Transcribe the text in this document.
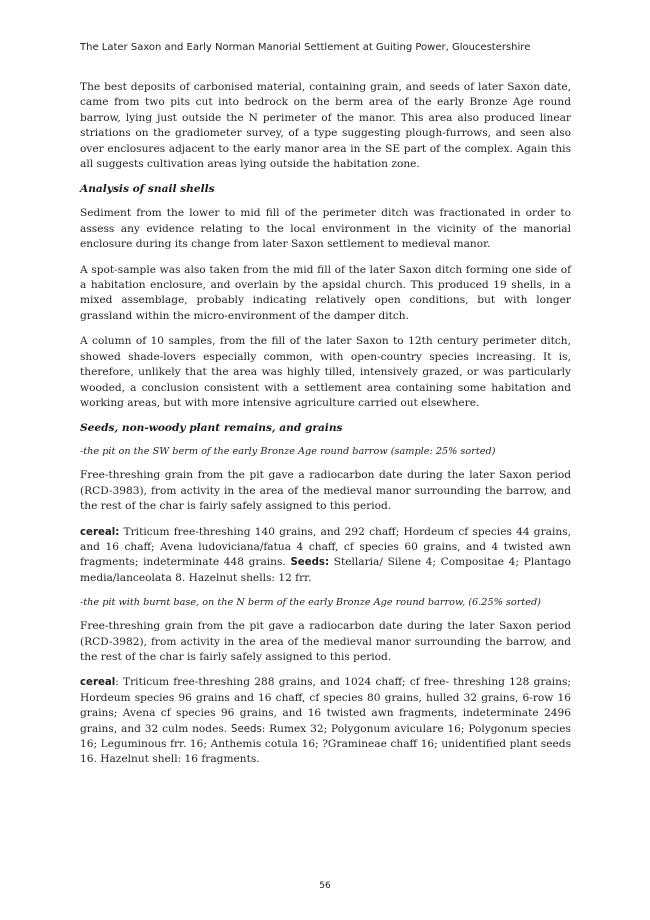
The Later Saxon and Early Norman Manorial Settlement at Guiting Power, Gloucestershire

The best deposits of carbonised material, containing grain, and seeds of later Saxon date, came from two pits cut into bedrock on the berm area of the early Bronze Age round barrow, lying just outside the N perimeter of the manor. This area also produced linear striations on the gradiometer survey, of a type suggesting plough-furrows, and seen also over enclosures adjacent to the early manor area in the SE part of the complex. Again this all suggests cultivation areas lying outside the habitation zone.

Analysis of snail shells

Sediment from the lower to mid fill of the perimeter ditch was fractionated in order to assess any evidence relating to the local environment in the vicinity of the manorial enclosure during its change from later Saxon settlement to medieval manor.

A spot-sample was also taken from the mid fill of the later Saxon ditch forming one side of a habitation enclosure, and overlain by the apsidal church. This produced 19 shells, in a mixed assemblage, probably indicating relatively open conditions, but with longer grassland within the micro-environment of the damper ditch.

A column of 10 samples, from the fill of the later Saxon to 12th century perimeter ditch, showed shade-lovers especially common, with open-country species increasing. It is, therefore, unlikely that the area was highly tilled, intensively grazed, or was particularly wooded, a conclusion consistent with a settlement area containing some habitation and working areas, but with more intensive agriculture carried out elsewhere.

Seeds, non-woody plant remains, and grains

-the pit on the SW berm of the early Bronze Age round barrow (sample: 25% sorted)

Free-threshing grain from the pit gave a radiocarbon date during the later Saxon period (RCD-3983), from activity in the area of the medieval manor surrounding the barrow, and the rest of the char is fairly safely assigned to this period.

cereal: Triticum free-threshing 140 grains, and 292 chaff; Hordeum cf species 44 grains, and 16 chaff; Avena ludoviciana/fatua 4 chaff, cf species 60 grains, and 4 twisted awn fragments; indeterminate 448 grains. Seeds: Stellaria/ Silene 4; Compositae 4; Plantago media/lanceolata 8. Hazelnut shells: 12 frr.

-the pit with burnt base, on the N berm of the early Bronze Age round barrow, (6.25% sorted)

Free-threshing grain from the pit gave a radiocarbon date during the later Saxon period (RCD-3982), from activity in the area of the medieval manor surrounding the barrow, and the rest of the char is fairly safely assigned to this period.

cereal: Triticum free-threshing 288 grains, and 1024 chaff; cf free- threshing 128 grains; Hordeum species 96 grains and 16 chaff, cf species 80 grains, hulled 32 grains, 6-row 16 grains; Avena cf species 96 grains, and 16 twisted awn fragments, indeterminate 2496 grains, and 32 culm nodes. Seeds: Rumex 32; Polygonum aviculare 16; Polygonum species 16; Leguminous frr. 16; Anthemis cotula 16; ?Gramineae chaff 16; unidentified plant seeds 16. Hazelnut shell: 16 fragments.

56
